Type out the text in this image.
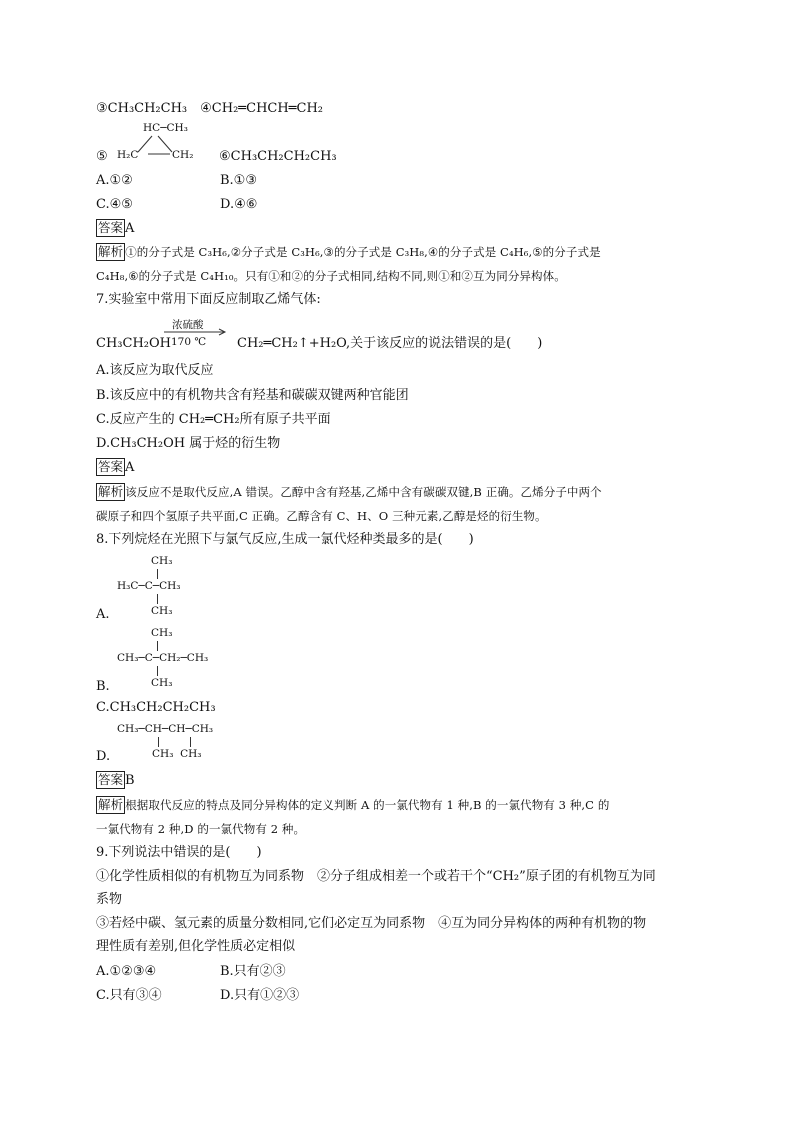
③CH₃CH₂CH₃　④CH₂═CHCH═CH₂
HC─CH₃
⑤ H₂C	CH₂ ⑥CH₃CH₂CH₂CH₃
A.①②	B.①③
C.④⑤	D.④⑥
答案 A
解析 ①的分子式是 C₃H₆,②分子式是 C₃H₆,③的分子式是 C₃H₈,④的分子式是 C₄H₆,⑤的分子式是
C₄H₈,⑥的分子式是 C₄H₁₀。只有①和②的分子式相同,结构不同,则①和②互为同分异构体。
7.实验室中常用下面反应制取乙烯气体:
浓硫酸
170 ℃
CH₃CH₂OH	CH₂═CH₂↑+H₂O,关于该反应的说法错误的是(　　)
A.该反应为取代反应
B.该反应中的有机物共含有羟基和碳碳双键两种官能团
C.反应产生的 CH₂═CH₂所有原子共平面
D.CH₃CH₂OH 属于烃的衍生物
答案 A
解析 该反应不是取代反应,A 错误。乙醇中含有羟基,乙烯中含有碳碳双键,B 正确。乙烯分子中两个
碳原子和四个氢原子共平面,C 正确。乙醇含有 C、H、O 三种元素,乙醇是烃的衍生物。
8.下列烷烃在光照下与氯气反应,生成一氯代烃种类最多的是(　　)
CH₃
H₃C─C─CH₃
CH₃
A.
CH₃
CH₃─C─CH₂─CH₃
CH₃
B.
C.CH₃CH₂CH₂CH₃
CH₃─CH─CH─CH₃
CH₃  CH₃
D.
答案 B
解析 根据取代反应的特点及同分异构体的定义判断 A 的一氯代物有 1 种,B 的一氯代物有 3 种,C 的
一氯代物有 2 种,D 的一氯代物有 2 种。
9.下列说法中错误的是(　　)
①化学性质相似的有机物互为同系物　②分子组成相差一个或若干个“CH₂”原子团的有机物互为同
系物
③若烃中碳、氢元素的质量分数相同,它们必定互为同系物　④互为同分异构体的两种有机物的物
理性质有差别,但化学性质必定相似
A.①②③④	B.只有②③
C.只有③④	D.只有①②③
